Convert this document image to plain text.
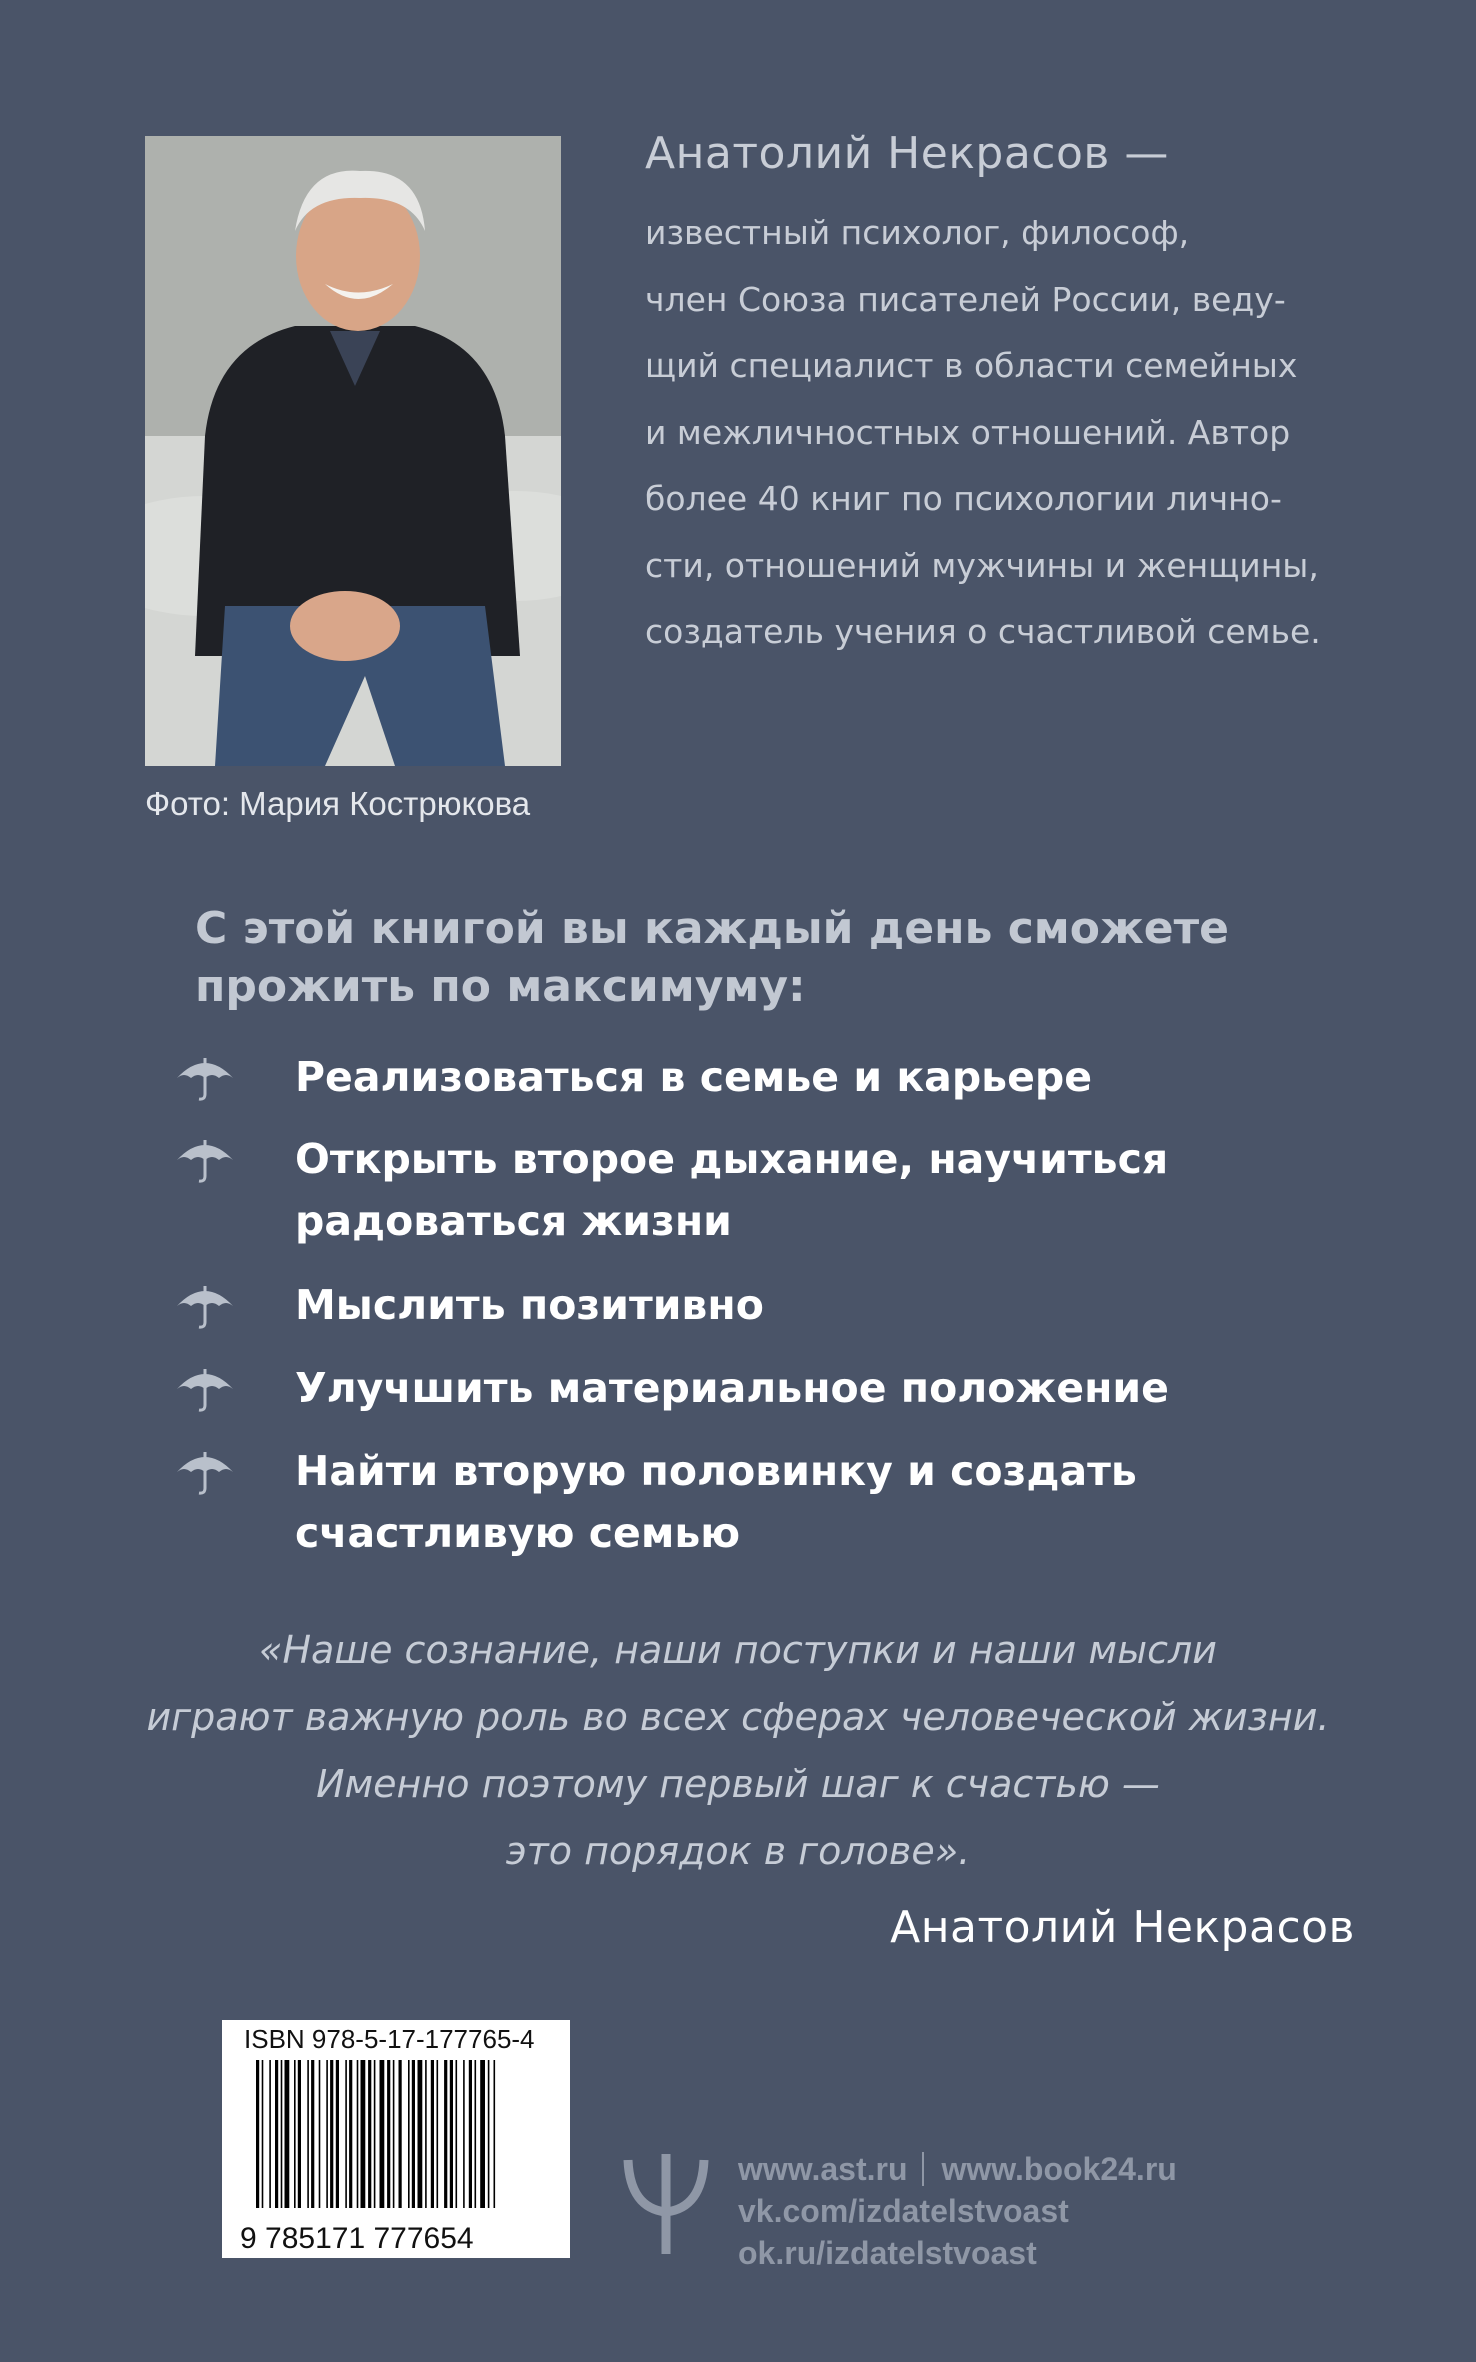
Фото: Мария Кострюкова
Анатолий Некрасов —
известный психолог, философ,
член Союза писателей России, веду-
щий специалист в области семейных
и межличностных отношений. Автор
более 40 книг по психологии лично-
сти, отношений мужчины и женщины,
создатель учения о счастливой семье.
С этой книгой вы каждый день сможете
прожить по максимуму:
Реализоваться в семье и карьере
Открыть второе дыхание, научиться
радоваться жизни
Мыслить позитивно
Улучшить материальное положение
Найти вторую половинку и создать
счастливую семью
«Наше сознание, наши поступки и наши мысли
играют важную роль во всех сферах человеческой жизни.
Именно поэтому первый шаг к счастью —
это порядок в голове».
Анатолий Некрасов
ISBN 978-5-17-177765-4
9 785171 777654
www.ast.ru www.book24.ru
vk.com/izdatelstvoast
ok.ru/izdatelstvoast
